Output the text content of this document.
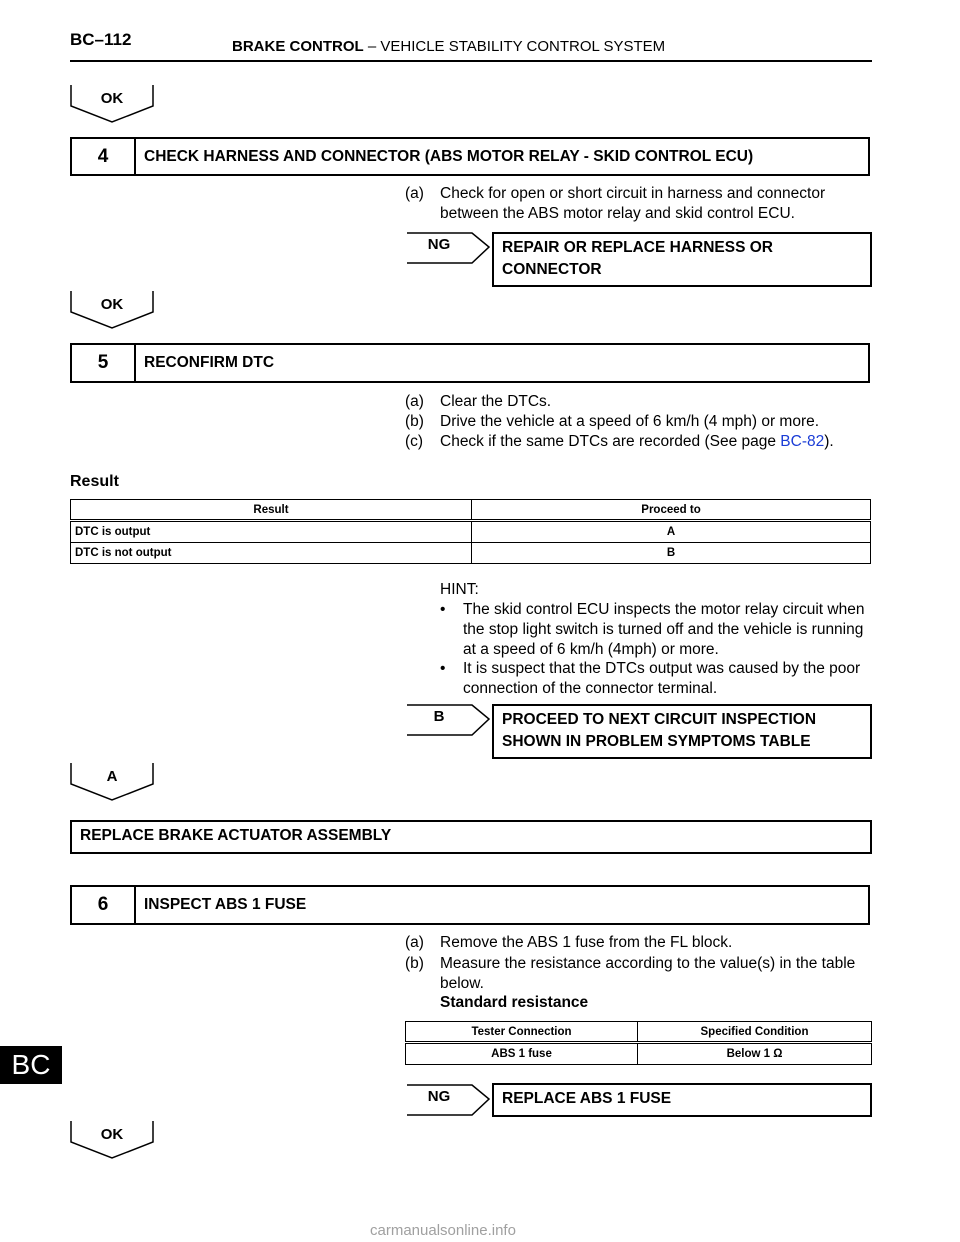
BC–112	BRAKE CONTROL – VEHICLE STABILITY CONTROL SYSTEM
OK
4	CHECK HARNESS AND CONNECTOR (ABS MOTOR RELAY - SKID CONTROL ECU)
(a) Check for open or short circuit in harness and connector between the ABS motor relay and skid control ECU.
NG	REPAIR OR REPLACE HARNESS OR CONNECTOR
OK
5	RECONFIRM DTC
(a) Clear the DTCs.
(b) Drive the vehicle at a speed of 6 km/h (4 mph) or more.
(c) Check if the same DTCs are recorded (See page BC-82).
Result
Result	Proceed to
DTC is output	A
DTC is not output	B
HINT:
• The skid control ECU inspects the motor relay circuit when the stop light switch is turned off and the vehicle is running at a speed of 6 km/h (4mph) or more.
• It is suspect that the DTCs output was caused by the poor connection of the connector terminal.
B	PROCEED TO NEXT CIRCUIT INSPECTION SHOWN IN PROBLEM SYMPTOMS TABLE
A
REPLACE BRAKE ACTUATOR ASSEMBLY
6	INSPECT ABS 1 FUSE
(a) Remove the ABS 1 fuse from the FL block.
(b) Measure the resistance according to the value(s) in the table below.
Standard resistance
Tester Connection	Specified Condition
ABS 1 fuse	Below 1 Ω
NG	REPLACE ABS 1 FUSE
OK
BC
carmanualsonline.info
